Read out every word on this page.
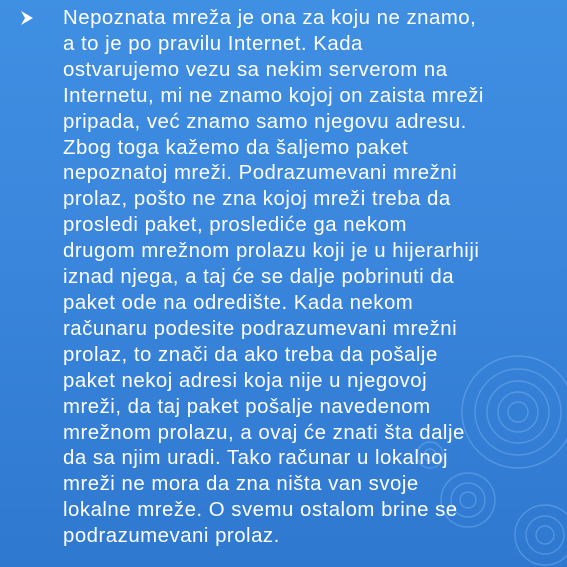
Nepoznata mreža je ona za koju ne znamo,
a to je po pravilu Internet. Kada
ostvarujemo vezu sa nekim serverom na
Internetu, mi ne znamo kojoj on zaista mreži
pripada, već znamo samo njegovu adresu.
Zbog toga kažemo da šaljemo paket
nepoznatoj mreži. Podrazumevani mrežni
prolaz, pošto ne zna kojoj mreži treba da
prosledi paket, prosledi​će ga nekom
drugom mrežnom prolazu koji je u hijerarhiji
iznad njega, a taj će se dalje pobrinuti da
paket ode na odredište. Kada nekom
računaru podesite podrazumevani mrežni
prolaz, to znači da ako treba da pošalje
paket nekoj adresi koja nije u njegovoj
mreži, da taj paket pošalje navedenom
mrežnom prolazu, a ovaj će znati šta dalje
da sa njim uradi. Tako računar u lokalnoj
mreži ne mora da zna ništa van svoje
lokalne mreže. O svemu ostalom brine se
podrazumevani prolaz.
